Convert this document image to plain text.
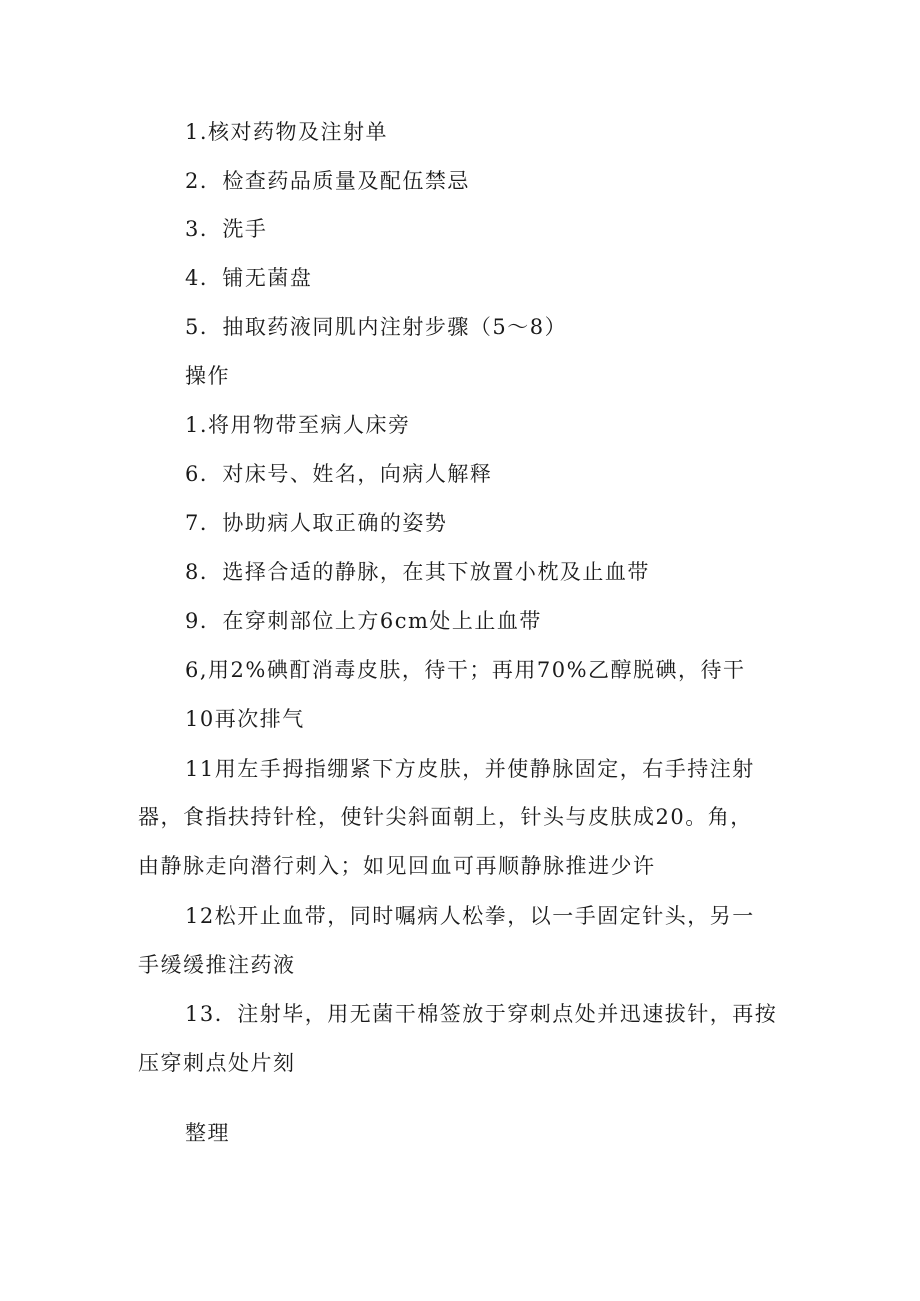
1.核对药物及注射单
2．检查药品质量及配伍禁忌
3．洗手
4．铺无菌盘
5．抽取药液同肌内注射步骤（5～8）
操作
1.将用物带至病人床旁
6．对床号、姓名，向病人解释
7．协助病人取正确的姿势
8．选择合适的静脉，在其下放置小枕及止血带
9．在穿刺部位上方6cm处上止血带
6,用2%碘酊消毒皮肤，待干；再用70%乙醇脱碘，待干
10再次排气
11用左手拇指绷紧下方皮肤，并使静脉固定，右手持注射
器，食指扶持针栓，使针尖斜面朝上，针头与皮肤成20。角，
由静脉走向潜行刺入；如见回血可再顺静脉推进少许
12松开止血带，同时嘱病人松拳，以一手固定针头，另一
手缓缓推注药液
13．注射毕，用无菌干棉签放于穿刺点处并迅速拔针，再按
压穿刺点处片刻
整理
